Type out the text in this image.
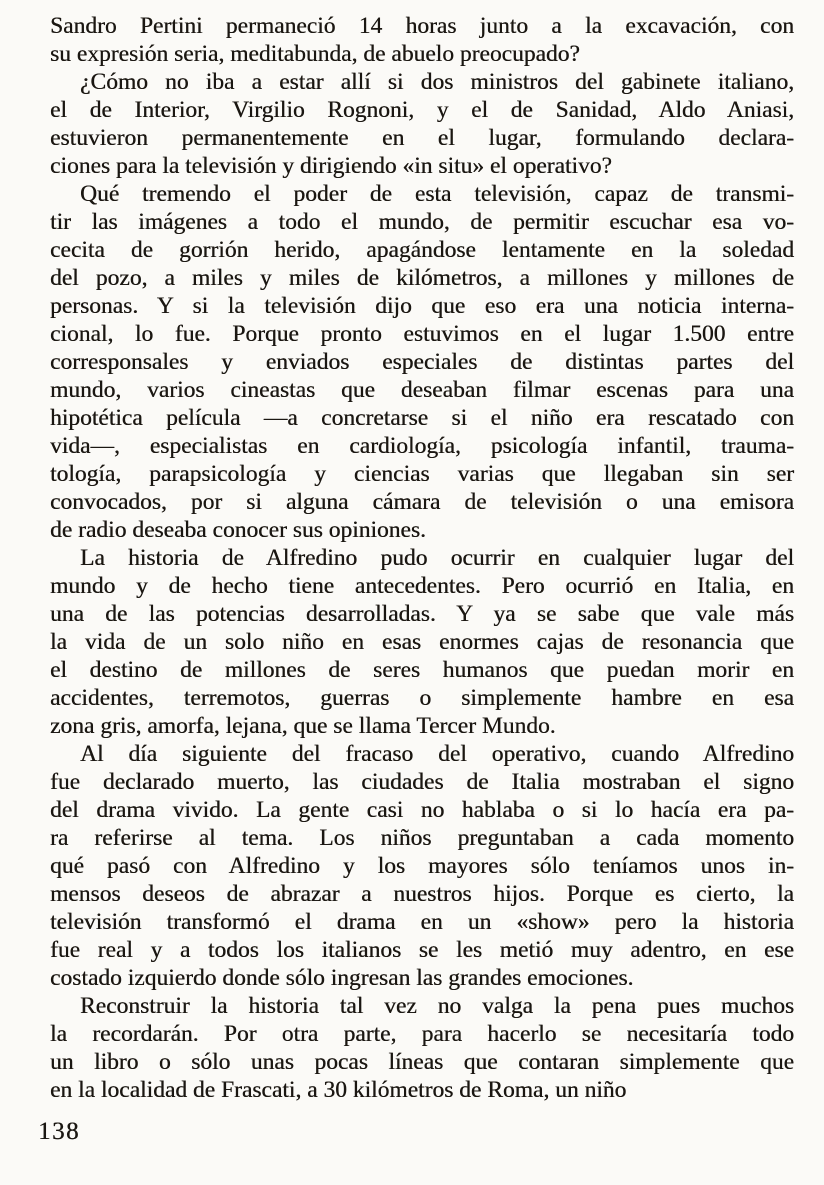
Sandro Pertini permaneció 14 horas junto a la excavación, con
su expresión seria, meditabunda, de abuelo preocupado?

¿Cómo no iba a estar allí si dos ministros del gabinete italiano,
el de Interior, Virgilio Rognoni, y el de Sanidad, Aldo Aniasi,
estuvieron permanentemente en el lugar, formulando declara-
ciones para la televisión y dirigiendo «in situ» el operativo?

Qué tremendo el poder de esta televisión, capaz de transmi-
tir las imágenes a todo el mundo, de permitir escuchar esa vo-
cecita de gorrión herido, apagándose lentamente en la soledad
del pozo, a miles y miles de kilómetros, a millones y millones de
personas. Y si la televisión dijo que eso era una noticia interna-
cional, lo fue. Porque pronto estuvimos en el lugar 1.500 entre
corresponsales y enviados especiales de distintas partes del
mundo, varios cineastas que deseaban filmar escenas para una
hipotética película —a concretarse si el niño era rescatado con
vida—, especialistas en cardiología, psicología infantil, trauma-
tología, parapsicología y ciencias varias que llegaban sin ser
convocados, por si alguna cámara de televisión o una emisora
de radio deseaba conocer sus opiniones.

La historia de Alfredino pudo ocurrir en cualquier lugar del
mundo y de hecho tiene antecedentes. Pero ocurrió en Italia, en
una de las potencias desarrolladas. Y ya se sabe que vale más
la vida de un solo niño en esas enormes cajas de resonancia que
el destino de millones de seres humanos que puedan morir en
accidentes, terremotos, guerras o simplemente hambre en esa
zona gris, amorfa, lejana, que se llama Tercer Mundo.

Al día siguiente del fracaso del operativo, cuando Alfredino
fue declarado muerto, las ciudades de Italia mostraban el signo
del drama vivido. La gente casi no hablaba o si lo hacía era pa-
ra referirse al tema. Los niños preguntaban a cada momento
qué pasó con Alfredino y los mayores sólo teníamos unos in-
mensos deseos de abrazar a nuestros hijos. Porque es cierto, la
televisión transformó el drama en un «show» pero la historia
fue real y a todos los italianos se les metió muy adentro, en ese
costado izquierdo donde sólo ingresan las grandes emociones.

Reconstruir la historia tal vez no valga la pena pues muchos
la recordarán. Por otra parte, para hacerlo se necesitaría todo
un libro o sólo unas pocas líneas que contaran simplemente que
en la localidad de Frascati, a 30 kilómetros de Roma, un niño

138
